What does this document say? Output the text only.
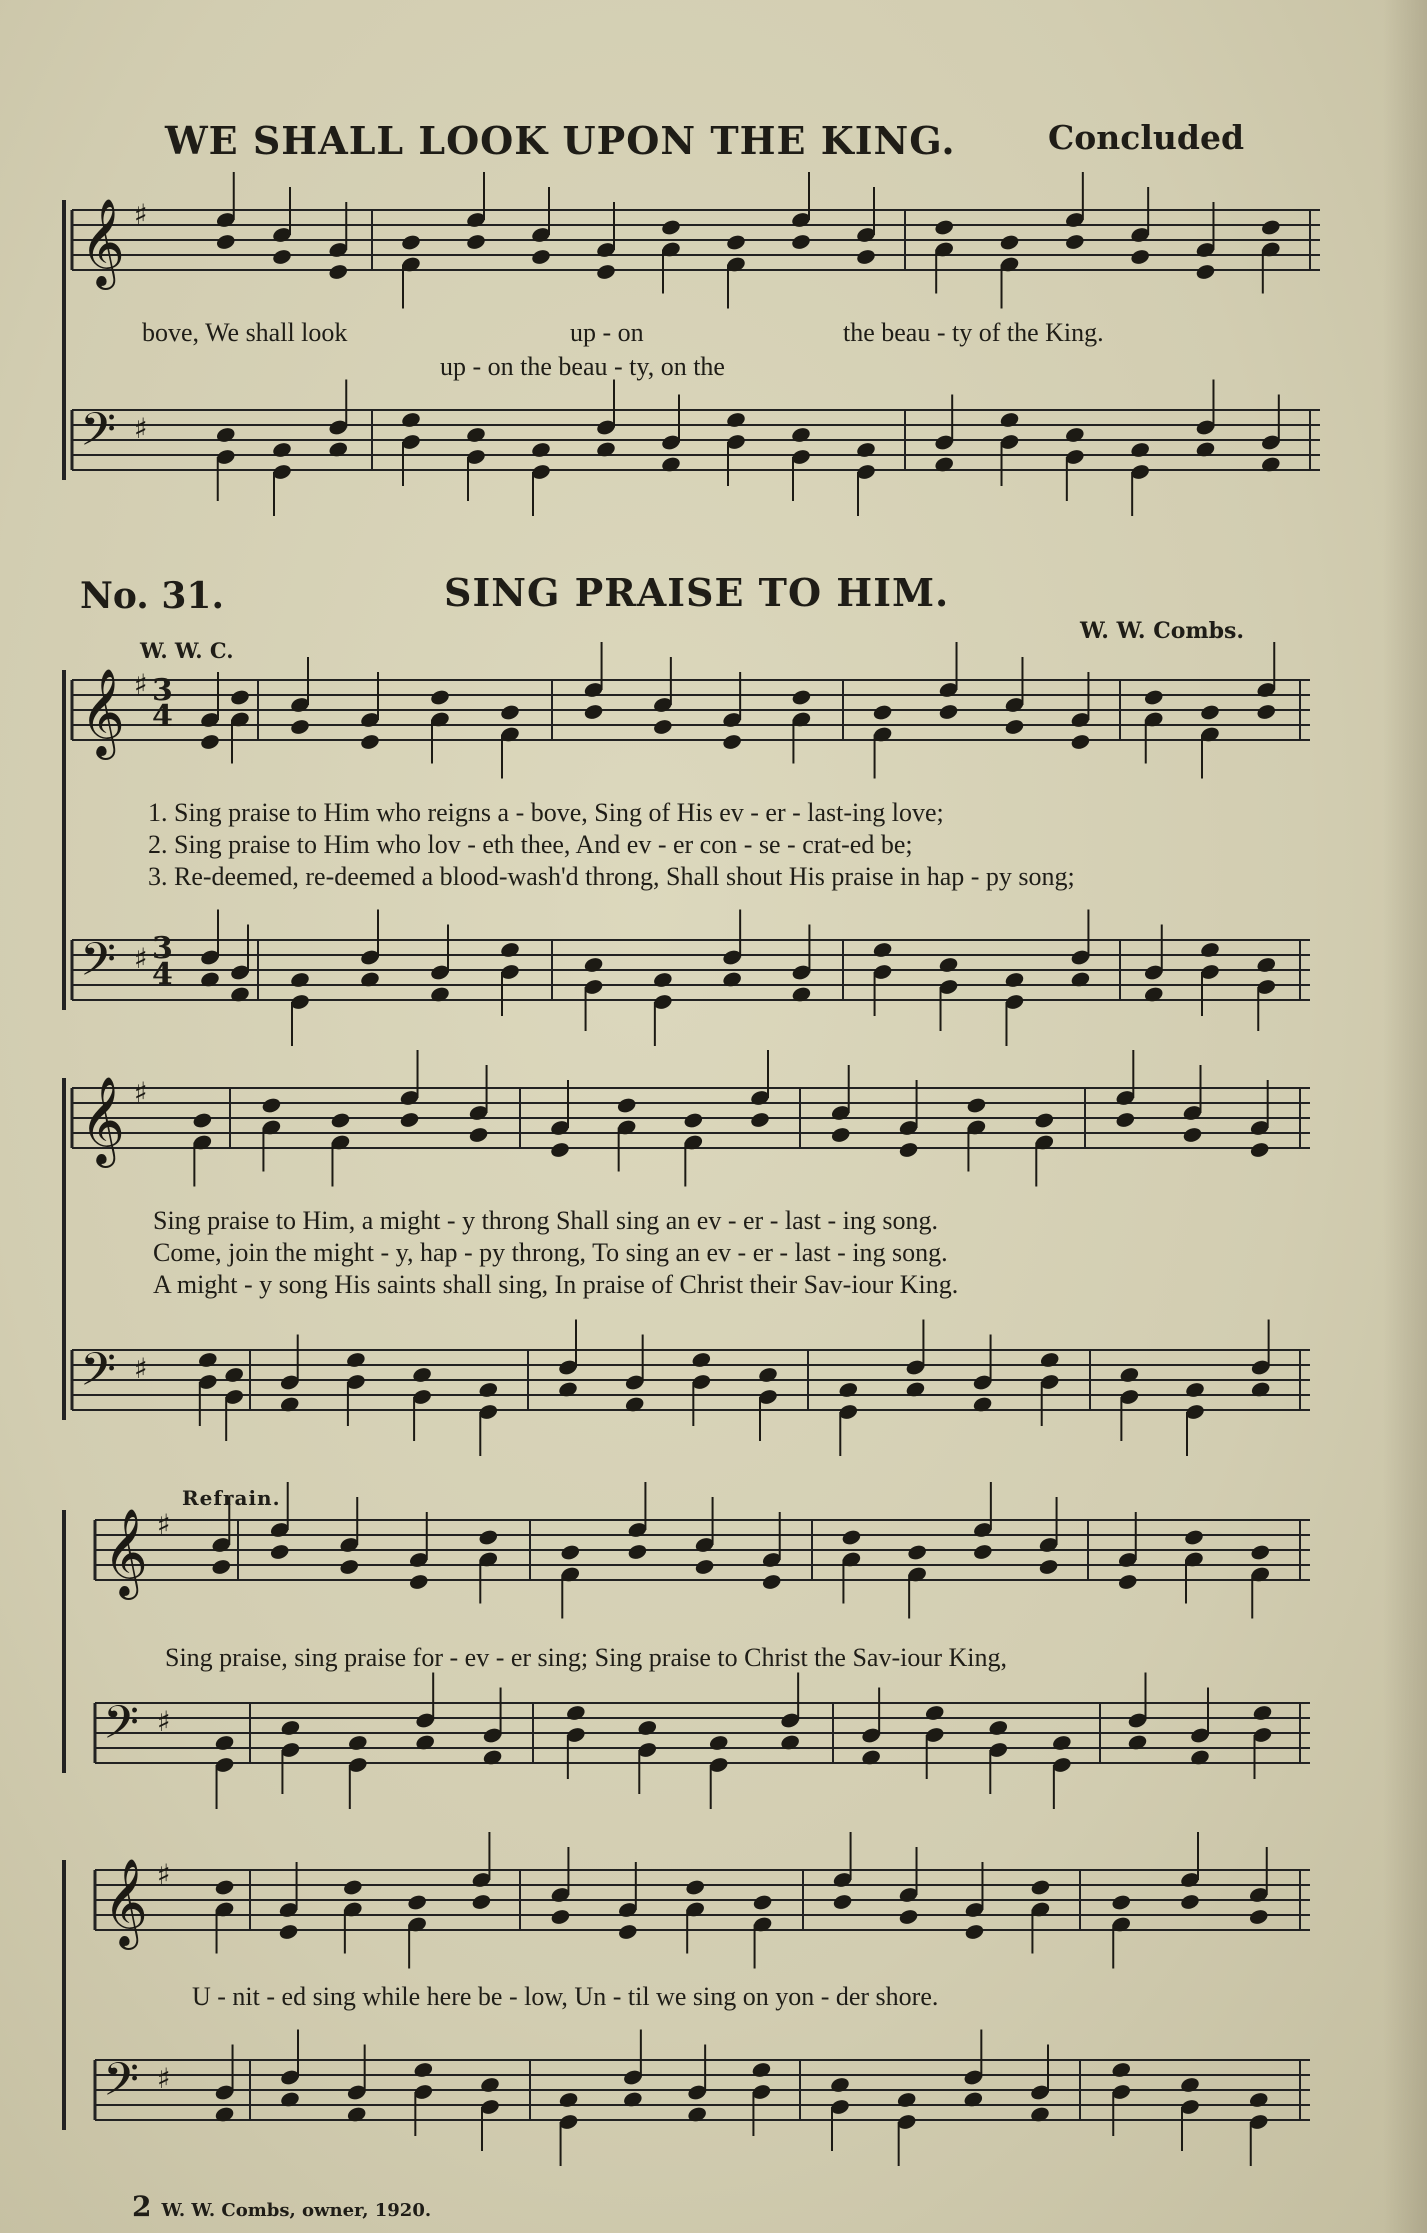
𝄞 ♯
𝄢 ♯
𝄞 ♯
𝄢 ♯
𝄞 ♯
𝄢 ♯
𝄞 ♯
𝄢 ♯
𝄞 ♯
𝄢 ♯
WE SHALL LOOK UPON THE KING.	Concluded
bove, We shall look	up - on	the beau - ty of the King.
up - on the beau - ty, on the
No. 31.	SING PRAISE TO HIM.
W. W. C.
W. W. Combs.
1. Sing praise to Him who reigns a - bove, Sing of His ev - er - last-ing love;
2. Sing praise to Him who lov - eth thee, And ev - er con - se - crat-ed be;
3. Re-deemed, re-deemed a blood-wash'd throng, Shall shout His praise in hap - py song;
Sing praise to Him, a might - y throng Shall sing an ev - er - last - ing song.
Come, join the might - y, hap - py throng, To sing an ev - er - last - ing song.
A might - y song His saints shall sing, In praise of Christ their Sav-iour King.
Refrain.
Sing praise, sing praise for - ev - er sing; Sing praise to Christ the Sav-iour King,
U - nit - ed sing while here be - low, Un - til we sing on yon - der shore.
3
4
3
4
2 W. W. Combs, owner, 1920.
